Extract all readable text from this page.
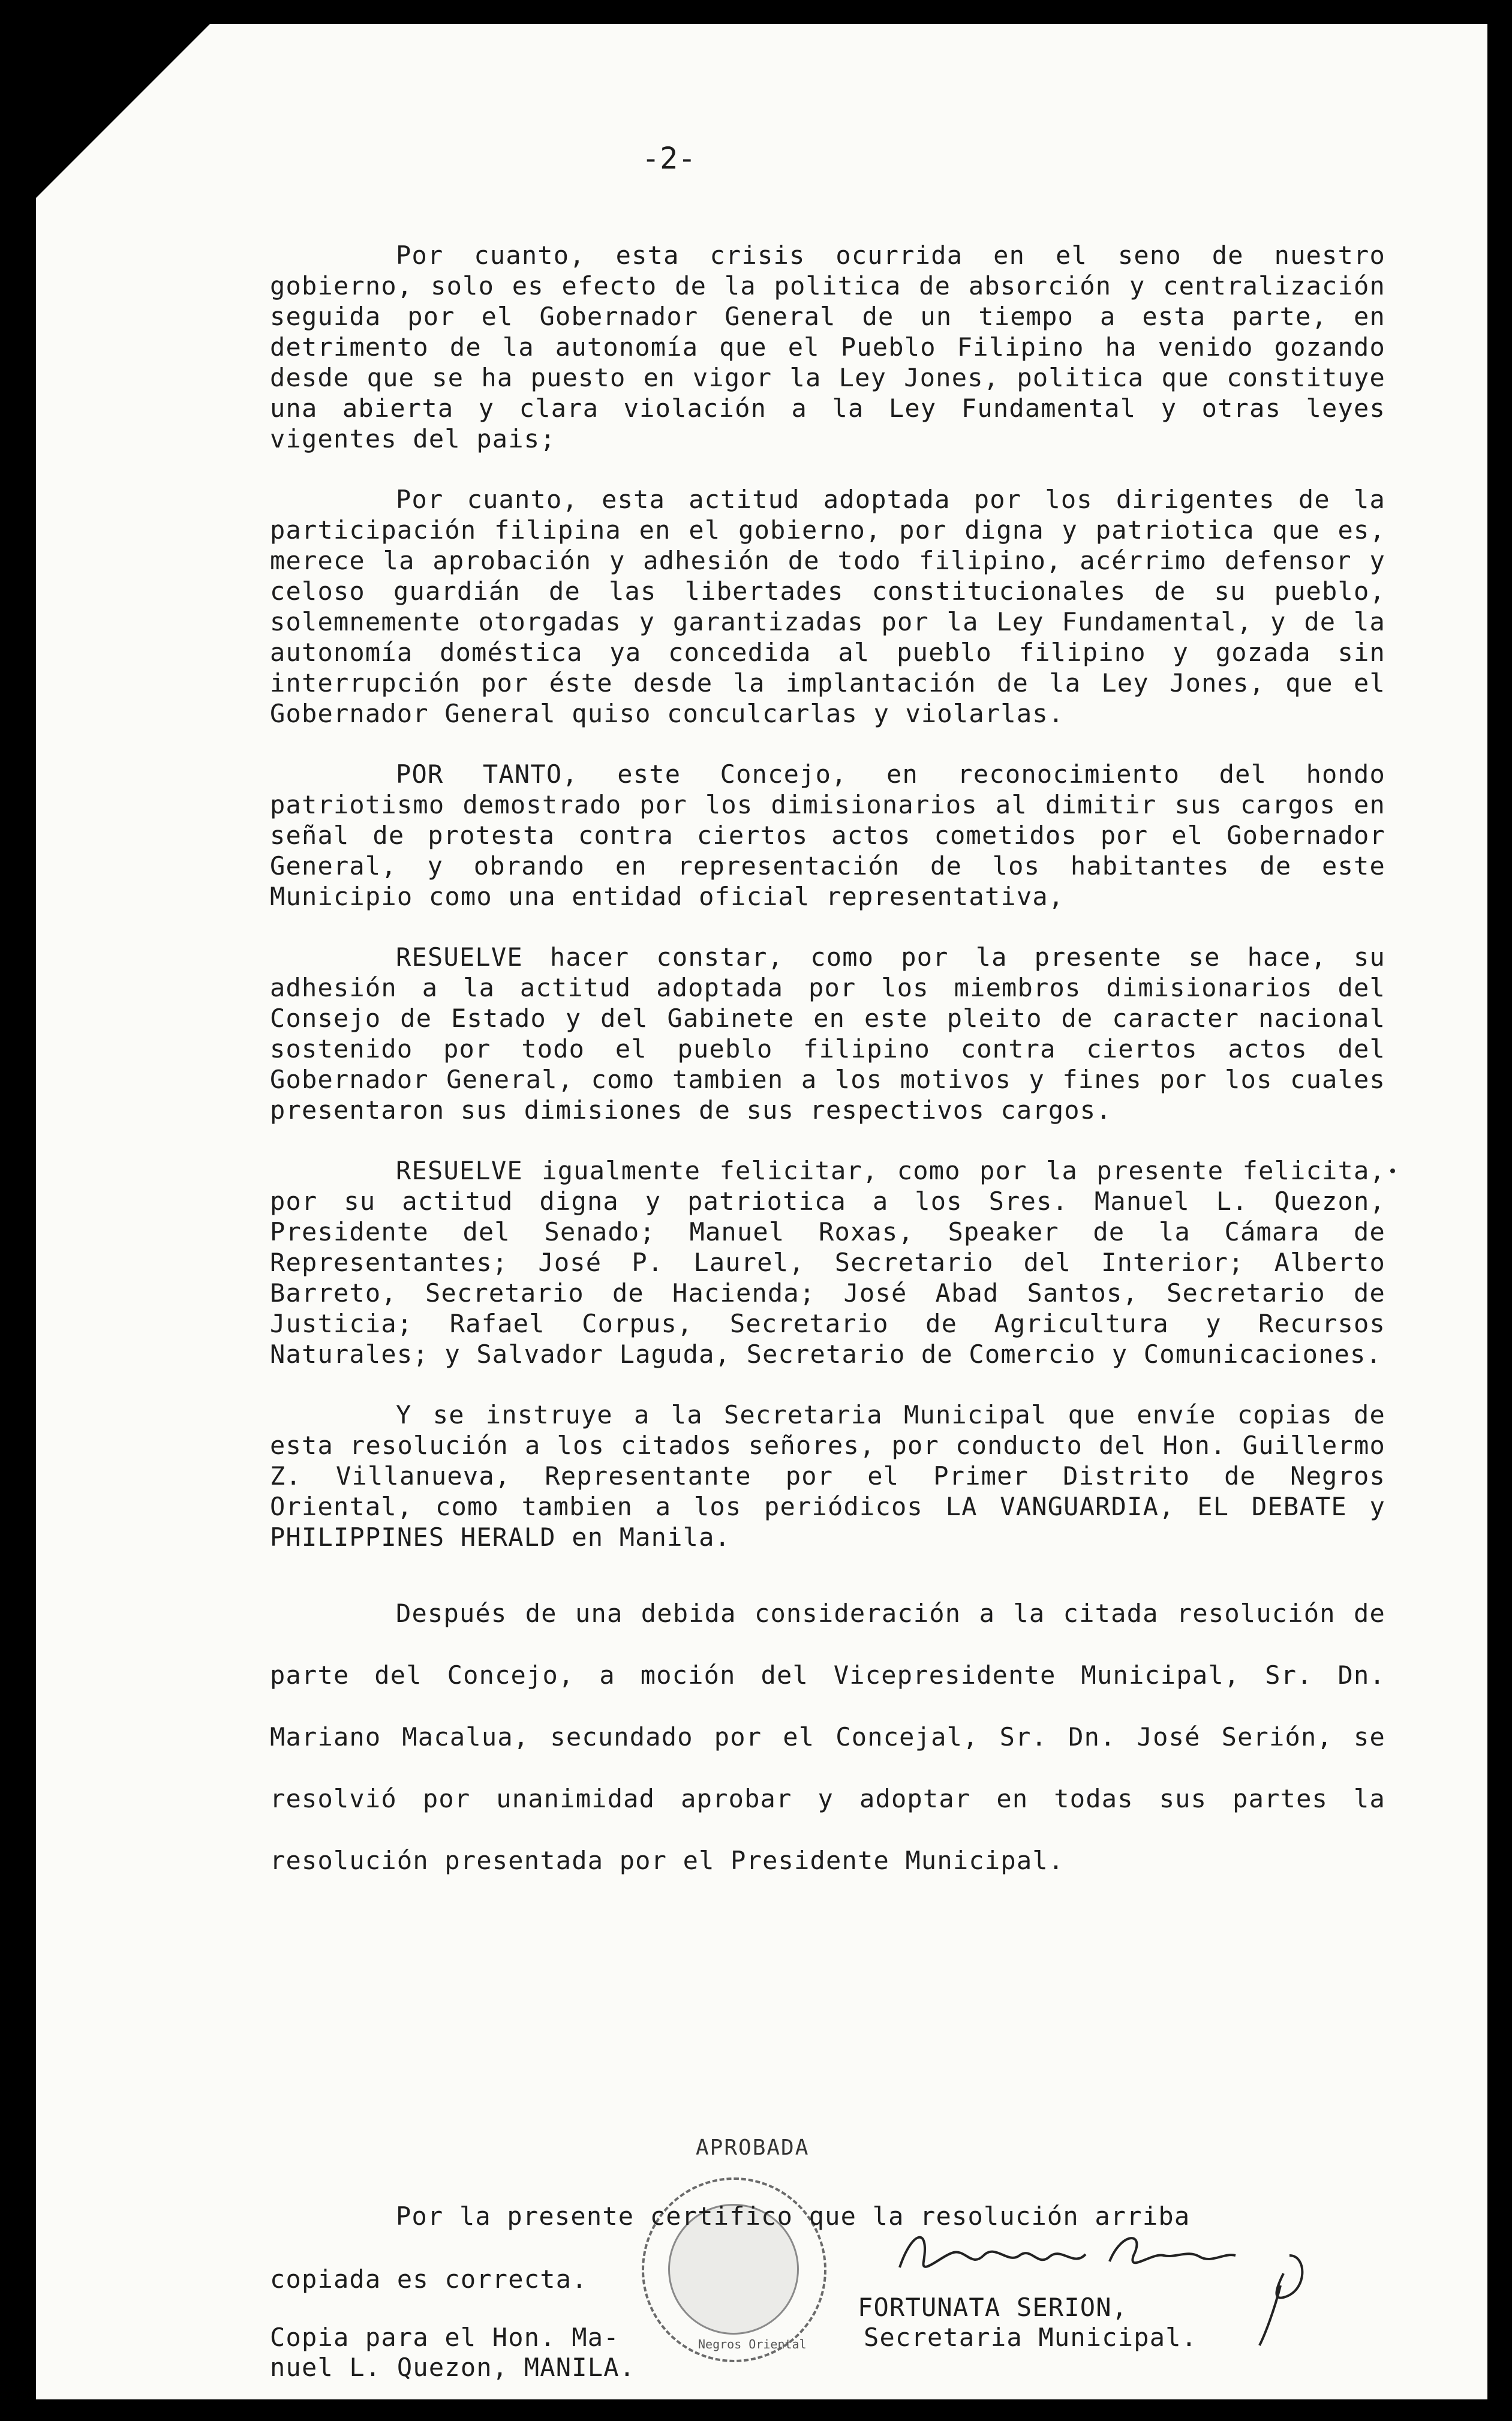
-2-

Por cuanto, esta crisis ocurrida en el seno de nuestro gobierno, solo es efecto de la politica de absorción y centralización seguida por el Gobernador General de un tiempo a esta parte, en detrimento de la autonomía que el Pueblo Filipino ha venido gozando desde que se ha puesto en vigor la Ley Jones, politica que constituye una abierta y clara violación a la Ley Fundamental y otras leyes vigentes del pais;

Por cuanto, esta actitud adoptada por los dirigentes de la participación filipina en el gobierno, por digna y patriotica que es, merece la aprobación y adhesión de todo filipino, acérrimo defensor y celoso guardián de las libertades constitucionales de su pueblo, solemnemente otorgadas y garantizadas por la Ley Fundamental, y de la autonomía doméstica ya concedida al pueblo filipino y gozada sin interrupción por éste desde la implantación de la Ley Jones, que el Gobernador General quiso conculcarlas y violarlas.

POR TANTO, este Concejo, en reconocimiento del hondo patriotismo demostrado por los dimisionarios al dimitir sus cargos en señal de protesta contra ciertos actos cometidos por el Gobernador General, y obrando en representación de los habitantes de este Municipio como una entidad oficial representativa,

RESUELVE hacer constar, como por la presente se hace, su adhesión a la actitud adoptada por los miembros dimisionarios del Consejo de Estado y del Gabinete en este pleito de caracter nacional sostenido por todo el pueblo filipino contra ciertos actos del Gobernador General, como tambien a los motivos y fines por los cuales presentaron sus dimisiones de sus respectivos cargos.

RESUELVE igualmente felicitar, como por la presente felicita, por su actitud digna y patriotica a los Sres. Manuel L. Quezon, Presidente del Senado; Manuel Roxas, Speaker de la Cámara de Representantes; José P. Laurel, Secretario del Interior; Alberto Barreto, Secretario de Hacienda; José Abad Santos, Secretario de Justicia; Rafael Corpus, Secretario de Agricultura y Recursos Naturales; y Salvador Laguda, Secretario de Comercio y Comunicaciones.

Y se instruye a la Secretaria Municipal que envíe copias de esta resolución a los citados señores, por conducto del Hon. Guillermo Z. Villanueva, Representante por el Primer Distrito de Negros Oriental, como tambien a los periódicos LA VANGUARDIA, EL DEBATE y PHILIPPINES HERALD en Manila.

Después de una debida consideración a la citada resolución de parte del Concejo, a moción del Vicepresidente Municipal, Sr. Dn. Mariano Macalua, secundado por el Concejal, Sr. Dn. José Serión, se resolvió por unanimidad aprobar y adoptar en todas sus partes la resolución presentada por el Presidente Municipal.

APROBADA
Negros Oriental
Por la presente certifico que la resolución arriba
copiada es correcta.
FORTUNATA SERION,
Secretaria Municipal.
Copia para el Hon. Ma-
nuel L. Quezon, MANILA.
